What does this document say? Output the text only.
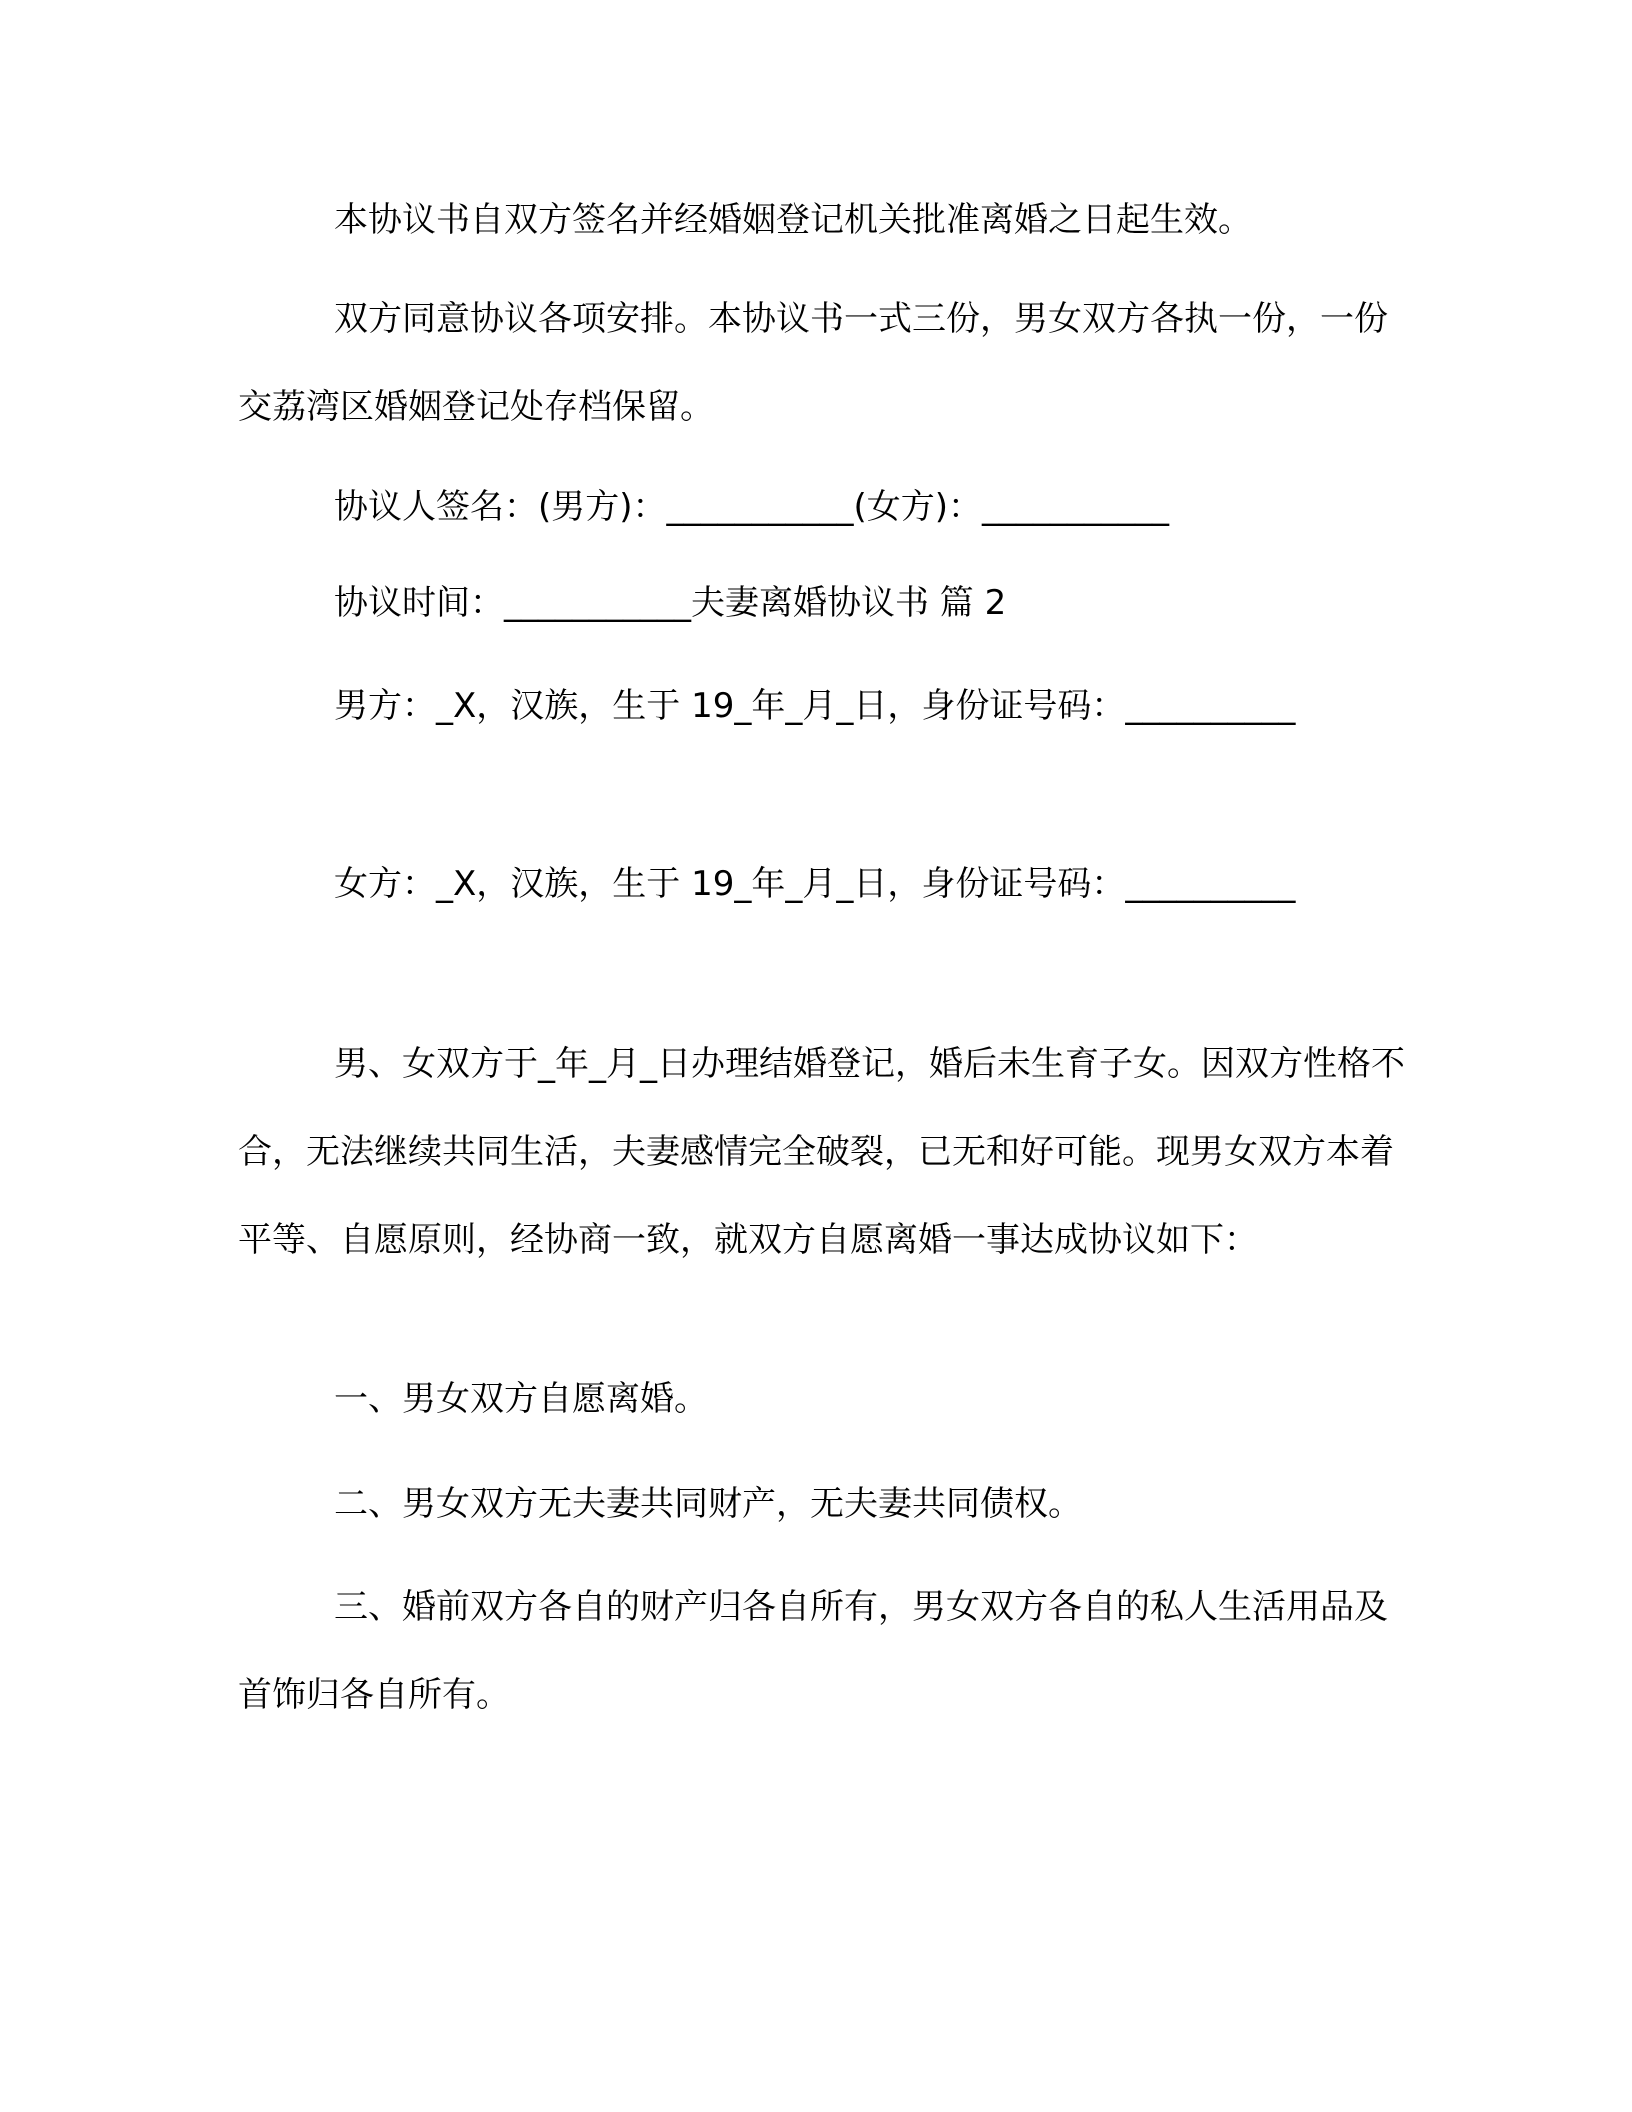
本协议书自双方签名并经婚姻登记机关批准离婚之日起生效。
双方同意协议各项安排。本协议书一式三份，男女双方各执一份，一份交荔湾区婚姻登记处存档保留。
协议人签名：(男方)：___________(女方)：___________
协议时间：___________夫妻离婚协议书 篇 2
男方：_X，汉族，生于 19_年_月_日，身份证号码：__________
女方：_X，汉族，生于 19_年_月_日，身份证号码：__________
男、女双方于_年_月_日办理结婚登记，婚后未生育子女。因双方性格不合，无法继续共同生活，夫妻感情完全破裂，已无和好可能。现男女双方本着平等、自愿原则，经协商一致，就双方自愿离婚一事达成协议如下：
一、男女双方自愿离婚。
二、男女双方无夫妻共同财产，无夫妻共同债权。
三、婚前双方各自的财产归各自所有，男女双方各自的私人生活用品及首饰归各自所有。
